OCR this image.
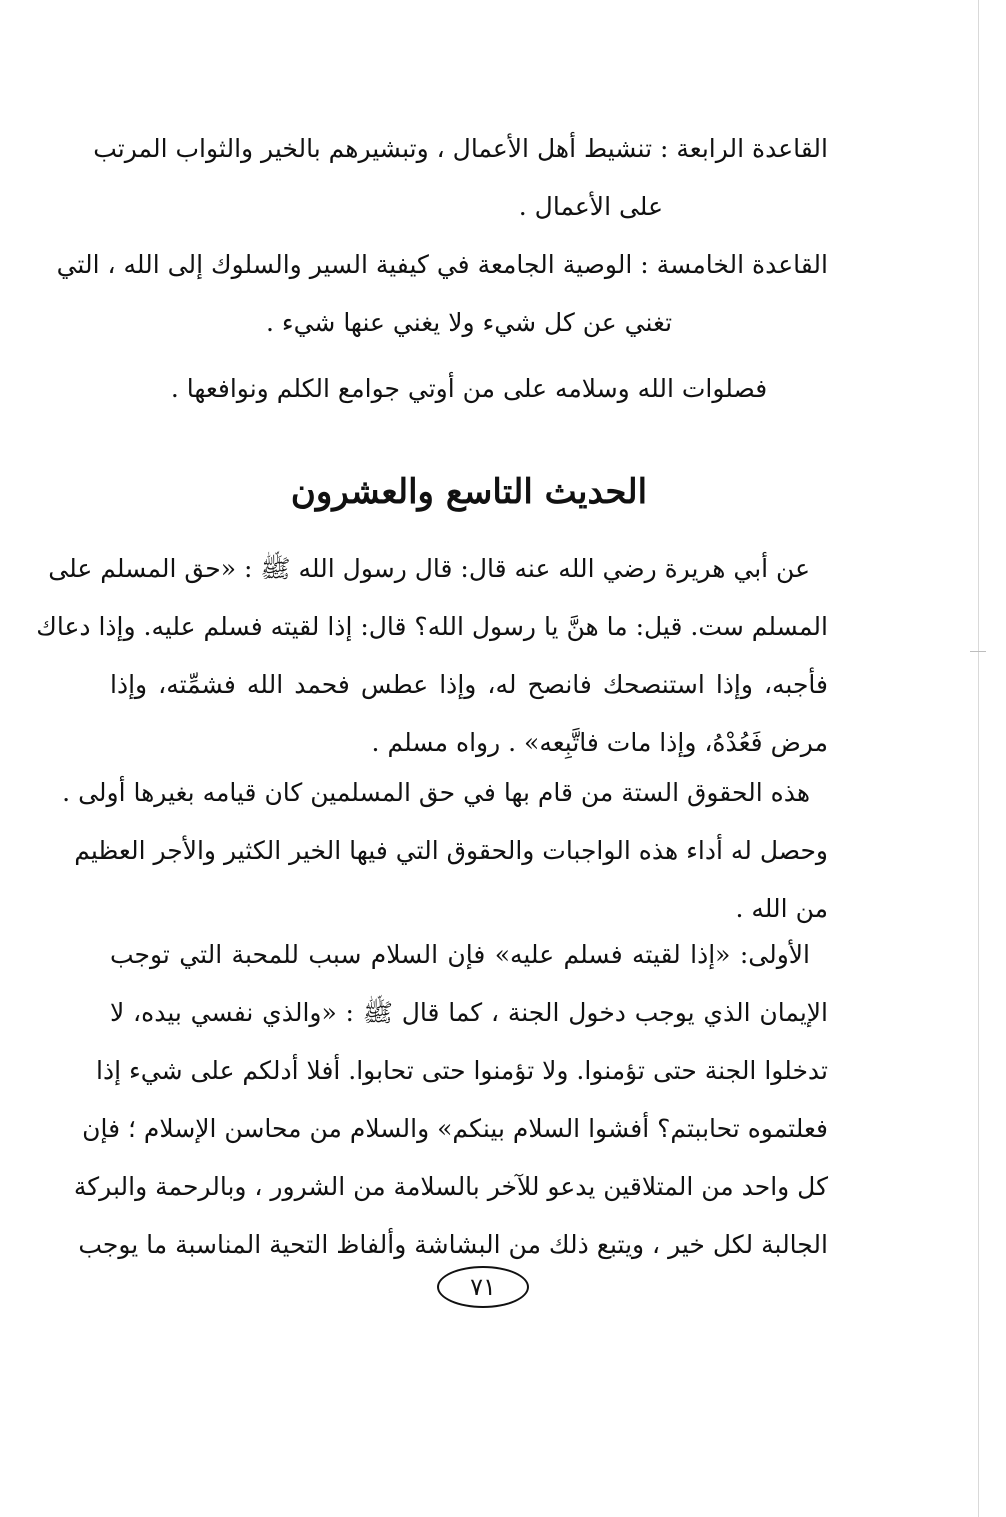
القاعدة الرابعة : تنشيط أهل الأعمال ، وتبشيرهم بالخير والثواب المرتب
على الأعمال .

القاعدة الخامسة : الوصية الجامعة في كيفية السير والسلوك إلى الله ، التي
تغني عن كل شيء ولا يغني عنها شيء .

فصلوات الله وسلامه على من أوتي جوامع الكلم ونوافعها .

الحديث التاسع والعشرون

عن أبي هريرة رضي الله عنه قال: قال رسول الله ﷺ : «حق المسلم على
المسلم ست. قيل: ما هنَّ يا رسول الله؟ قال: إذا لقيته فسلم عليه. وإذا دعاك
فأجبه، وإذا استنصحك فانصح له، وإذا عطس فحمد الله فشمِّته، وإذا
مرض فَعُدْهُ، وإذا مات فاتَّبِعه» . رواه مسلم .

هذه الحقوق الستة من قام بها في حق المسلمين كان قيامه بغيرها أولى .
وحصل له أداء هذه الواجبات والحقوق التي فيها الخير الكثير والأجر العظيم
من الله .

الأولى: «إذا لقيته فسلم عليه» فإن السلام سبب للمحبة التي توجب
الإيمان الذي يوجب دخول الجنة ، كما قال ﷺ : «والذي نفسي بيده، لا
تدخلوا الجنة حتى تؤمنوا. ولا تؤمنوا حتى تحابوا. أفلا أدلكم على شيء إذا
فعلتموه تحاببتم؟ أفشوا السلام بينكم» والسلام من محاسن الإسلام ؛ فإن
كل واحد من المتلاقين يدعو للآخر بالسلامة من الشرور ، وبالرحمة والبركة
الجالبة لكل خير ، ويتبع ذلك من البشاشة وألفاظ التحية المناسبة ما يوجب

٧١
